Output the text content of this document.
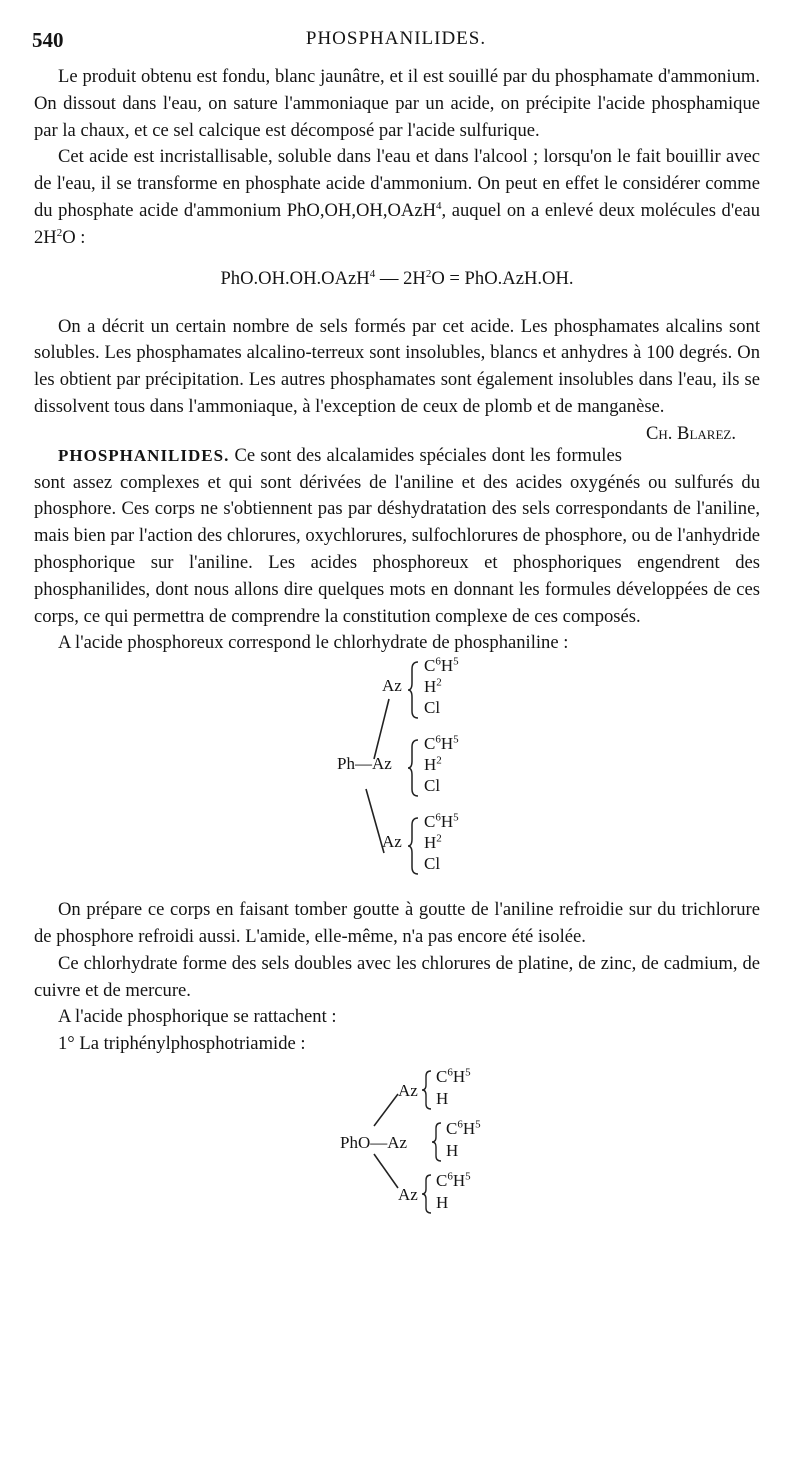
540	PHOSPHANILIDES.

Le produit obtenu est fondu, blanc jaunâtre, et il est souillé par du phosphamate d'ammonium. On dissout dans l'eau, on sature l'ammoniaque par un acide, on précipite l'acide phosphamique par la chaux, et ce sel calcique est décomposé par l'acide sulfurique.

Cet acide est incristallisable, soluble dans l'eau et dans l'alcool ; lorsqu'on le fait bouillir avec de l'eau, il se transforme en phosphate acide d'ammonium. On peut en effet le considérer comme du phosphate acide d'ammonium PhO,OH,OH,OAzH$^4$, auquel on a enlevé deux molécules d'eau $2H^2O$ :

PhO.OH.OH.OAzH$^4$ — $2H^2O = PhO.AzH.OH$.

On a décrit un certain nombre de sels formés par cet acide. Les phosphamates alcalins sont solubles. Les phosphamates alcalino-terreux sont insolubles, blancs et anhydres à 100 degrés. On les obtient par précipitation. Les autres phosphamates sont également insolubles dans l'eau, ils se dissolvent tous dans l'ammoniaque, à l'exception de ceux de plomb et de manganèse.
Ch. Blarez.

PHOSPHANILIDES. Ce sont des alcalamides spéciales dont les formules sont assez complexes et qui sont dérivées de l'aniline et des acides oxygénés ou sulfurés du phosphore. Ces corps ne s'obtiennent pas par déshydratation des sels correspondants de l'aniline, mais bien par l'action des chlorures, oxychlorures, sulfochlorures de phosphore, ou de l'anhydride phosphorique sur l'aniline. Les acides phosphoreux et phosphoriques engendrent des phosphanilides, dont nous allons dire quelques mots en donnant les formules développées de ces corps, ce qui permettra de comprendre la constitution complexe de ces composés.

A l'acide phosphoreux correspond le chlorhydrate de phosphaniline :

Az
$C^6H^5$
$H^2$
Cl
Ph—Az
$C^6H^5$
$H^2$
Cl
Az
$C^6H^5$
$H^2$
Cl

On prépare ce corps en faisant tomber goutte à goutte de l'aniline refroidie sur du trichlorure de phosphore refroidi aussi. L'amide, elle-même, n'a pas encore été isolée.

Ce chlorhydrate forme des sels doubles avec les chlorures de platine, de zinc, de cadmium, de cuivre et de mercure.

A l'acide phosphorique se rattachent :

1° La triphénylphosphotriamide :

Az
$C^6H^5$
H
PhO—Az
$C^6H^5$
H
Az
$C^6H^5$
H
